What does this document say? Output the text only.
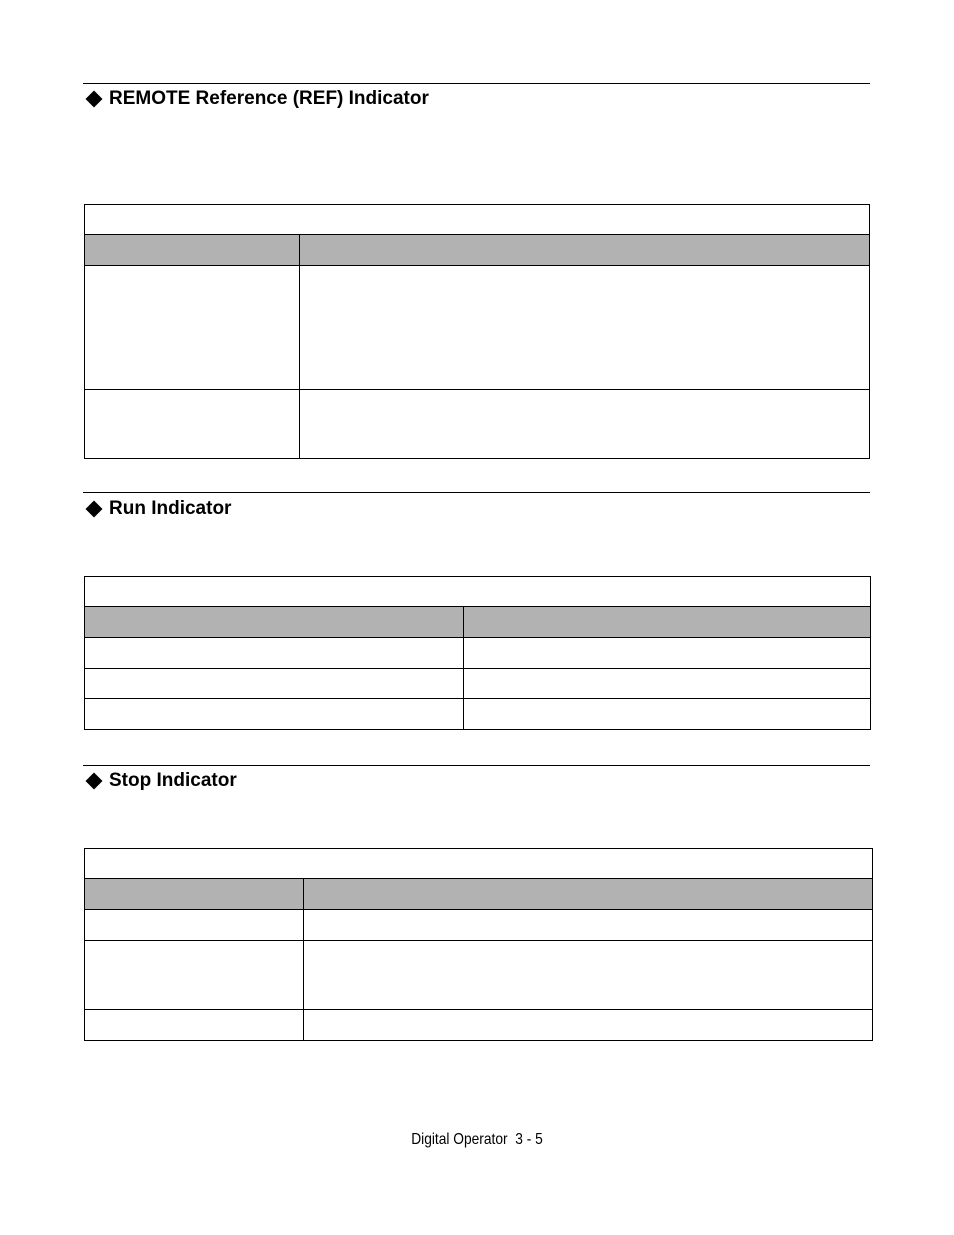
REMOTE Reference (REF) Indicator

Run Indicator

Stop Indicator

Digital Operator  3 - 5
